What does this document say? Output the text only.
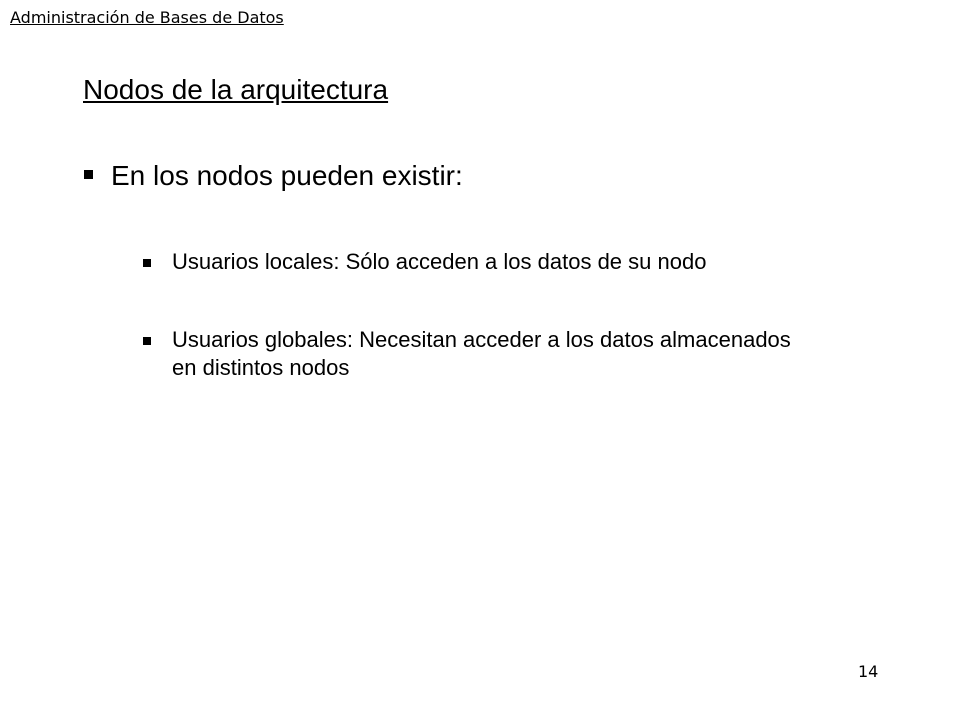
Administración de Bases de Datos
Nodos de la arquitectura
En los nodos pueden existir:
Usuarios locales: Sólo acceden a los datos de su nodo
Usuarios globales: Necesitan acceder a los datos almacenados en distintos nodos
14
